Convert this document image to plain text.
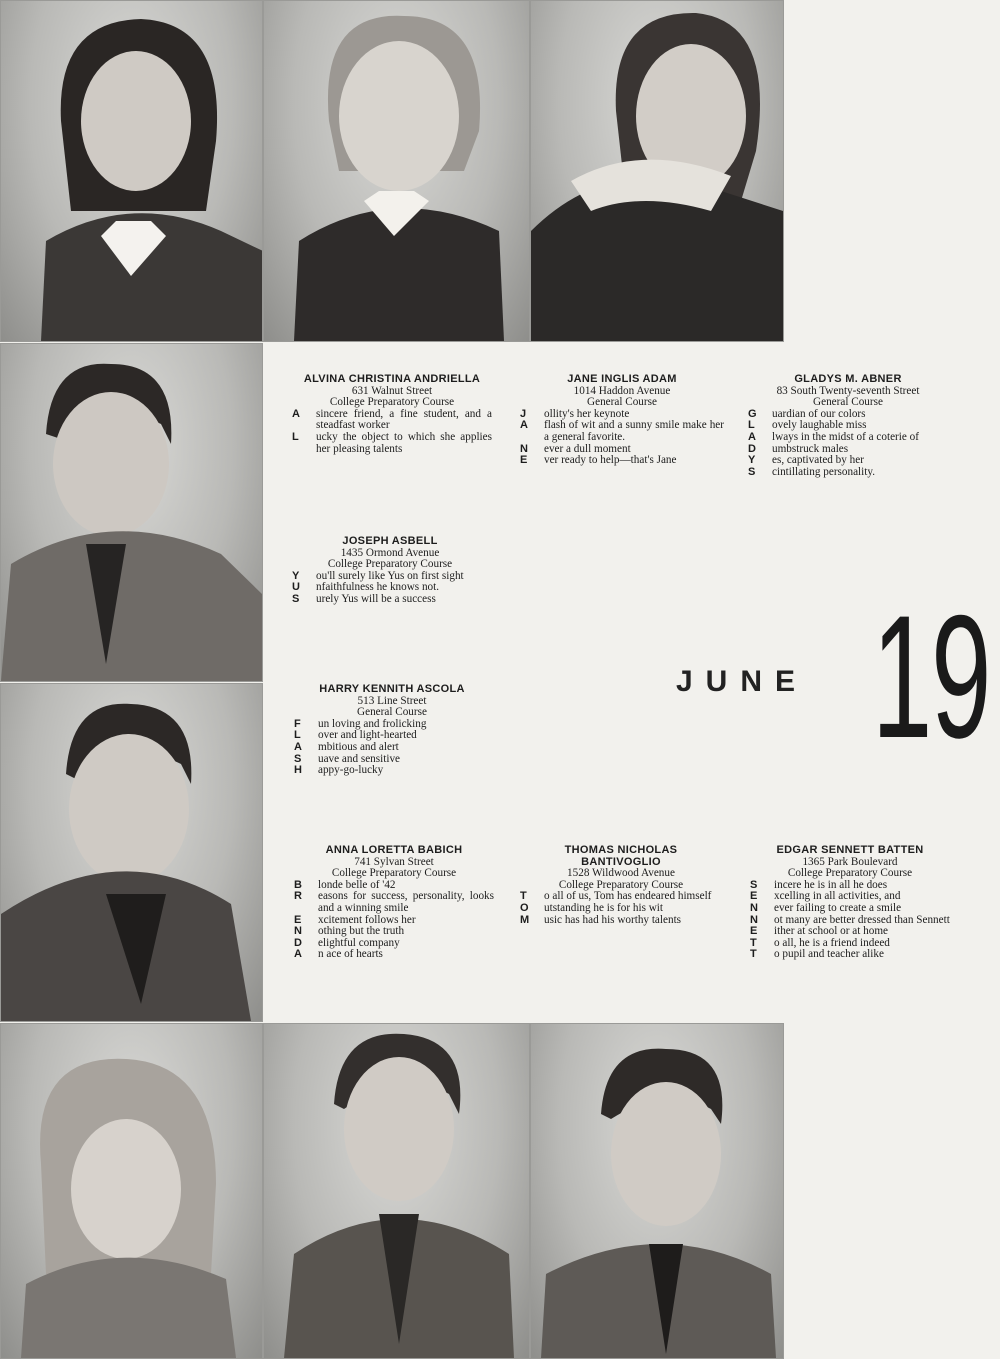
ALVINA CHRISTINA ANDRIELLA
631 Walnut Street
College Preparatory Course
A	sincere friend, a fine student, and a steadfast worker
L	ucky the object to which she applies her pleasing talents
JANE INGLIS ADAM
1014 Haddon Avenue
General Course
J	ollity's her keynote
A	flash of wit and a sunny smile make her a general favorite.
N	ever a dull moment
E	ver ready to help—that's Jane
GLADYS M. ABNER
83 South Twenty-seventh Street
General Course
G	uardian of our colors
L	ovely laughable miss
A	lways in the midst of a coterie of
D	umbstruck males
Y	es, captivated by her
S	cintillating personality.
JOSEPH ASBELL
1435 Ormond Avenue
College Preparatory Course
Y	ou'll surely like Yus on first sight
U	nfaithfulness he knows not.
S	urely Yus will be a success
HARRY KENNITH ASCOLA
513 Line Street
General Course
F	un loving and frolicking
L	over and light-hearted
A	mbitious and alert
S	uave and sensitive
H	appy-go-lucky
ANNA LORETTA BABICH
741 Sylvan Street
College Preparatory Course
B	londe belle of '42
R	easons for success, personality, looks and a winning smile
E	xcitement follows her
N	othing but the truth
D	elightful company
A	n ace of hearts
THOMAS NICHOLAS BANTIVOGLIO
1528 Wildwood Avenue
College Preparatory Course
T	o all of us, Tom has endeared himself
O	utstanding he is for his wit
M	usic has had his worthy talents
EDGAR SENNETT BATTEN
1365 Park Boulevard
College Preparatory Course
S	incere he is in all he does
E	xcelling in all activities, and
N	ever failing to create a smile
N	ot many are better dressed than Sennett
E	ither at school or at home
T	o all, he is a friend indeed
T	o pupil and teacher alike
JUNE 19
